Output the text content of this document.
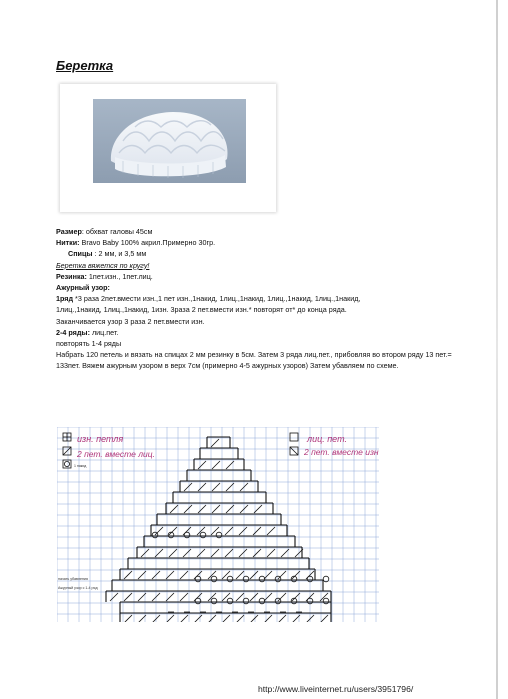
Беретка

Размер: обхват галовы 45см

Нитки: Bravo Baby 100% акрил.Примерно 30гр.

Спицы : 2 мм, и 3,5 мм

Беретка вяжется по кругу!

Резинка: 1пет.изн., 1пет.лиц.

Ажурный узор:

1ряд *3 раза 2пет.вмести изн.,1 пет изн.,1накид, 1лиц.,1накид, 1лиц.,1накид, 1лиц.,1накид,

1лиц.,1накид, 1лиц.,1накид, 1изн. 3раза 2 пет.вмести изн.* повторят от* до конца ряда.

Заканчивается узор 3 раза 2 пет.вмести изн.

2-4 ряды: лиц.пет.

повторять 1-4 ряды

Набрать 120 петель и вязать на спицах 2 мм резинку в 5см. Затем 3 ряда лиц.пет., прибовляя во втором ряду 13 пет.= 133пет. Вяжем ажурным узором в верх 7см (примерно 4-5 ажурных узоров) Затем убавляем по схеме.

изн. петля
2 пет. вместе лиц.
1 накид
лиц. пет.
2 пет. вместе изн.
начать убавления
Ажурный узор с 1-4 ряд
http://www.liveinternet.ru/users/3951796/
